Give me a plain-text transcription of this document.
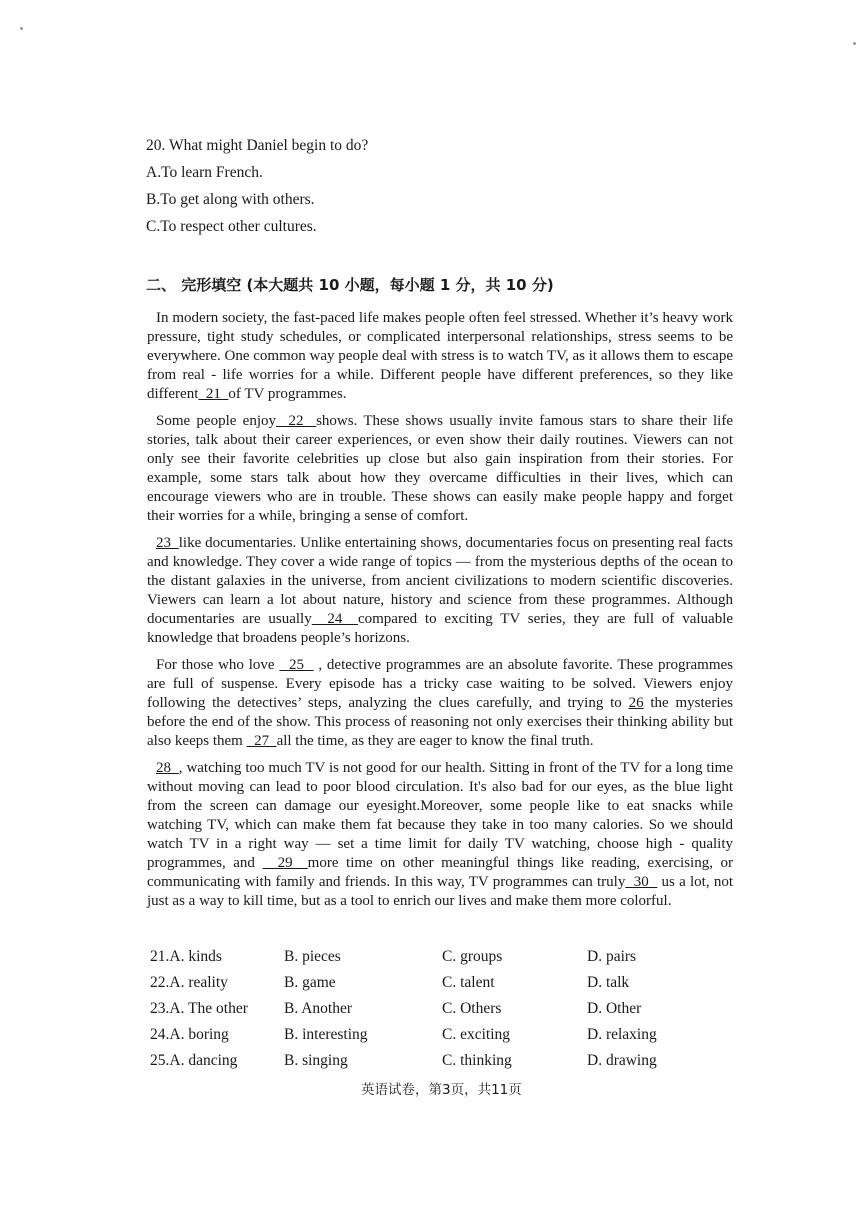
20. What might Daniel begin to do?
A.To learn French.
B.To get along with others.
C.To respect other cultures.
二、 完形填空 (本大题共 10 小题，每小题 1 分，共 10 分)

In modern society, the fast-paced life makes people often feel stressed. Whether it’s heavy work pressure, tight study schedules, or complicated interpersonal relationships, stress seems to be everywhere. One common way people deal with stress is to watch TV, as it allows them to escape from real - life worries for a while. Different people have different preferences, so they like different  21  of TV programmes.

Some people enjoy  22  shows. These shows usually invite famous stars to share their life stories, talk about their career experiences, or even show their daily routines. Viewers can not only see their favorite celebrities up close but also gain inspiration from their stories. For example, some stars talk about how they overcame difficulties in their lives, which can encourage viewers who are in trouble. These shows can easily make people happy and forget their worries for a while, bringing a sense of comfort.

23  like documentaries. Unlike entertaining shows, documentaries focus on presenting real facts and knowledge. They cover a wide range of topics — from the mysterious depths of the ocean to the distant galaxies in the universe, from ancient civilizations to modern scientific discoveries. Viewers can learn a lot about nature, history and science from these programmes. Although documentaries are usually  24  compared to exciting TV series, they are full of valuable knowledge that broadens people’s horizons.

For those who love   25   , detective programmes are an absolute favorite. These programmes are full of suspense. Every episode has a tricky case waiting to be solved. Viewers enjoy following the detectives’ steps, analyzing the clues carefully, and trying to 26 the mysteries before the end of the show. This process of reasoning not only exercises their thinking ability but also keeps them   27  all the time, as they are eager to know the final truth.

28  , watching too much TV is not good for our health. Sitting in front of the TV for a long time without moving can lead to poor blood circulation. It's also bad for our eyes, as the blue light from the screen can damage our eyesight.Moreover, some people like to eat snacks while watching TV, which can make them fat because they take in too many calories. So we should watch TV in a right way — set a time limit for daily TV watching, choose high - quality programmes, and   29  more time on other meaningful things like reading, exercising, or communicating with family and friends. In this way, TV programmes can truly  30   us a lot, not just as a way to kill time, but as a tool to enrich our lives and make them more colorful.

21.A. kinds	B. pieces	C. groups	D. pairs
22.A. reality	B. game	C. talent	D. talk
23.A. The other B. Another	C. Others	D. Other
24.A. boring	B. interesting	C. exciting	D. relaxing
25.A. dancing	B. singing	C. thinking	D. drawing
英语试卷，第3页，共11页
